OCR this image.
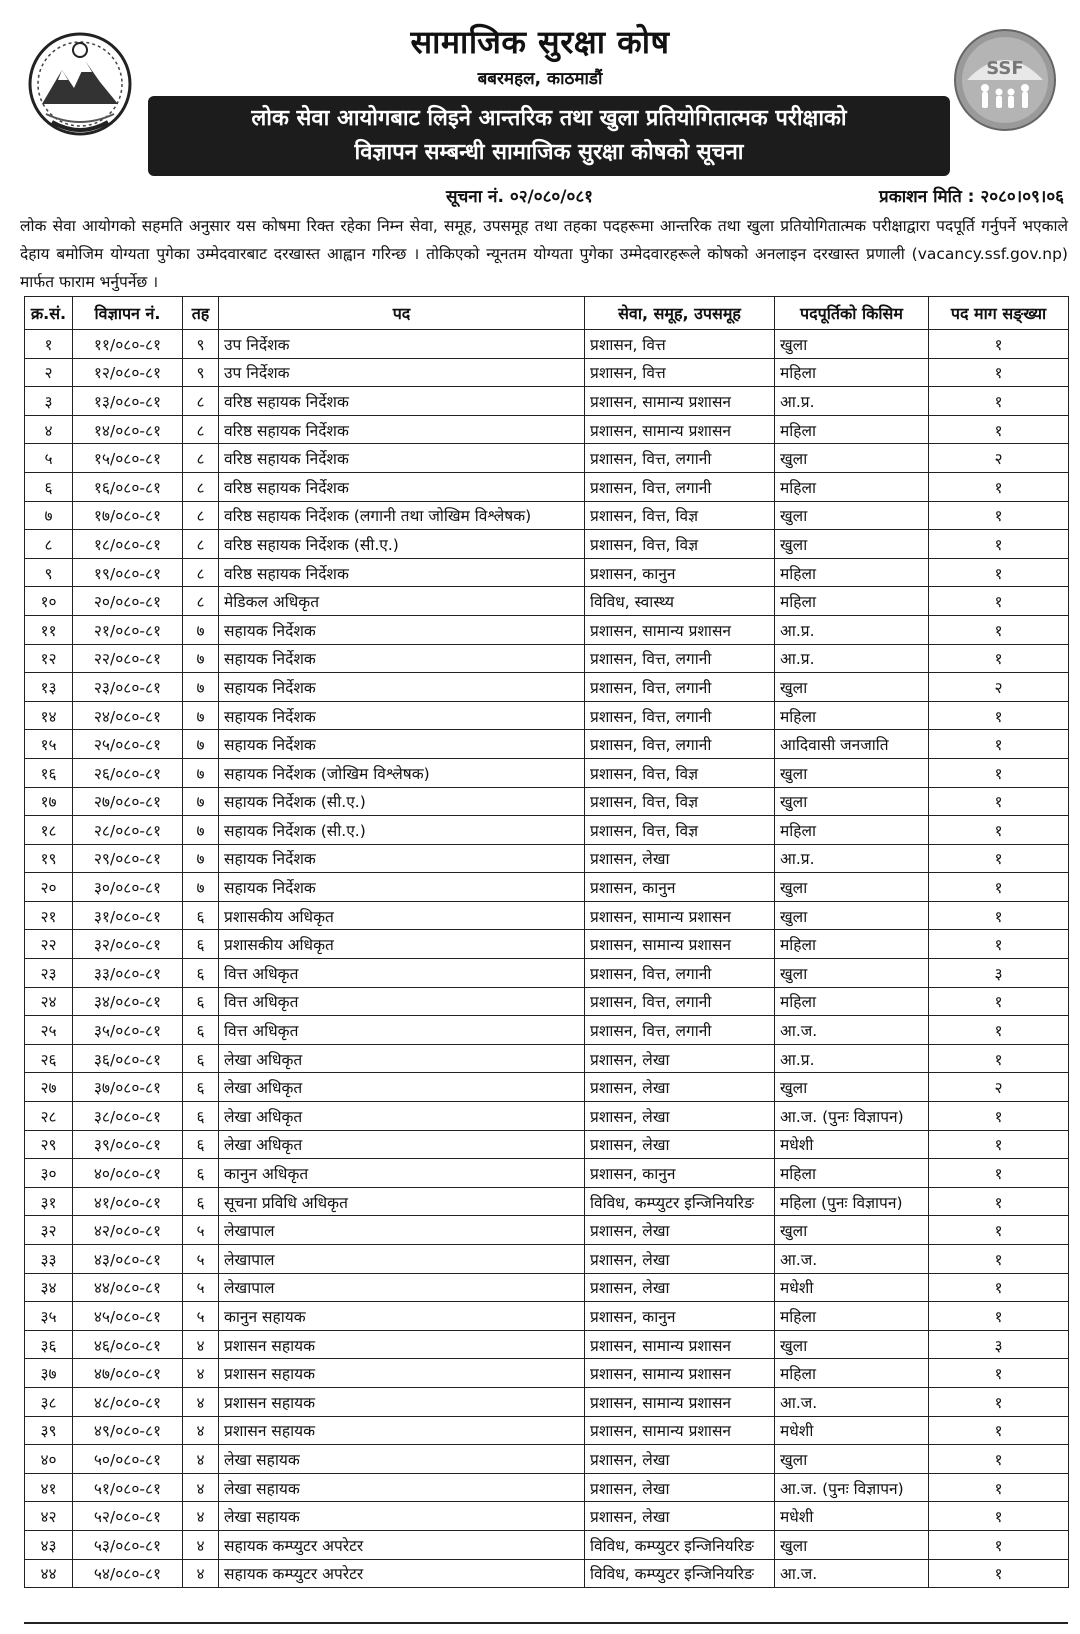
सामाजिक सुरक्षा कोष
बबरमहल, काठमाडौं	SSF
लोक सेवा आयोगबाट लिइने आन्तरिक तथा खुला प्रतियोगितात्मक परीक्षाको
विज्ञापन सम्बन्धी सामाजिक सुरक्षा कोषको सूचना
सूचना नं. ०२/०८०/०८१	प्रकाशन मिति : २०८०।०९।०६
लोक सेवा आयोगको सहमति अनुसार यस कोषमा रिक्त रहेका निम्न सेवा, समूह, उपसमूह तथा तहका पदहरूमा आन्तरिक तथा खुला प्रतियोगितात्मक परीक्षाद्वारा पदपूर्ति गर्नुपर्ने भएकाले देहाय बमोजिम योग्यता पुगेका उम्मेदवारबाट दरखास्त आह्वान गरिन्छ । तोकिएको न्यूनतम योग्यता पुगेका उम्मेदवारहरूले कोषको अनलाइन दरखास्त प्रणाली (vacancy.ssf.gov.np) मार्फत फाराम भर्नुपर्नेछ ।
क्र.सं.	विज्ञापन नं.	तह	पद	सेवा, समूह, उपसमूह	पदपूर्तिको किसिम	पद माग सङ्ख्या
१	११/०८०-८१	९	उप निर्देशक	प्रशासन, वित्त	खुला	१
२	१२/०८०-८१	९	उप निर्देशक	प्रशासन, वित्त	महिला	१
३	१३/०८०-८१	८	वरिष्ठ सहायक निर्देशक	प्रशासन, सामान्य प्रशासन	आ.प्र.	१
४	१४/०८०-८१	८	वरिष्ठ सहायक निर्देशक	प्रशासन, सामान्य प्रशासन	महिला	१
५	१५/०८०-८१	८	वरिष्ठ सहायक निर्देशक	प्रशासन, वित्त, लगानी	खुला	२
६	१६/०८०-८१	८	वरिष्ठ सहायक निर्देशक	प्रशासन, वित्त, लगानी	महिला	१
७	१७/०८०-८१	८	वरिष्ठ सहायक निर्देशक (लगानी तथा जोखिम विश्लेषक)	प्रशासन, वित्त, विज्ञ	खुला	१
८	१८/०८०-८१	८	वरिष्ठ सहायक निर्देशक (सी.ए.)	प्रशासन, वित्त, विज्ञ	खुला	१
९	१९/०८०-८१	८	वरिष्ठ सहायक निर्देशक	प्रशासन, कानुन	महिला	१
१०	२०/०८०-८१	८	मेडिकल अधिकृत	विविध, स्वास्थ्य	महिला	१
११	२१/०८०-८१	७	सहायक निर्देशक	प्रशासन, सामान्य प्रशासन	आ.प्र.	१
१२	२२/०८०-८१	७	सहायक निर्देशक	प्रशासन, वित्त, लगानी	आ.प्र.	१
१३	२३/०८०-८१	७	सहायक निर्देशक	प्रशासन, वित्त, लगानी	खुला	२
१४	२४/०८०-८१	७	सहायक निर्देशक	प्रशासन, वित्त, लगानी	महिला	१
१५	२५/०८०-८१	७	सहायक निर्देशक	प्रशासन, वित्त, लगानी	आदिवासी जनजाति	१
१६	२६/०८०-८१	७	सहायक निर्देशक (जोखिम विश्लेषक)	प्रशासन, वित्त, विज्ञ	खुला	१
१७	२७/०८०-८१	७	सहायक निर्देशक (सी.ए.)	प्रशासन, वित्त, विज्ञ	खुला	१
१८	२८/०८०-८१	७	सहायक निर्देशक (सी.ए.)	प्रशासन, वित्त, विज्ञ	महिला	१
१९	२९/०८०-८१	७	सहायक निर्देशक	प्रशासन, लेखा	आ.प्र.	१
२०	३०/०८०-८१	७	सहायक निर्देशक	प्रशासन, कानुन	खुला	१
२१	३१/०८०-८१	६	प्रशासकीय अधिकृत	प्रशासन, सामान्य प्रशासन	खुला	१
२२	३२/०८०-८१	६	प्रशासकीय अधिकृत	प्रशासन, सामान्य प्रशासन	महिला	१
२३	३३/०८०-८१	६	वित्त अधिकृत	प्रशासन, वित्त, लगानी	खुला	३
२४	३४/०८०-८१	६	वित्त अधिकृत	प्रशासन, वित्त, लगानी	महिला	१
२५	३५/०८०-८१	६	वित्त अधिकृत	प्रशासन, वित्त, लगानी	आ.ज.	१
२६	३६/०८०-८१	६	लेखा अधिकृत	प्रशासन, लेखा	आ.प्र.	१
२७	३७/०८०-८१	६	लेखा अधिकृत	प्रशासन, लेखा	खुला	२
२८	३८/०८०-८१	६	लेखा अधिकृत	प्रशासन, लेखा	आ.ज. (पुनः विज्ञापन)	१
२९	३९/०८०-८१	६	लेखा अधिकृत	प्रशासन, लेखा	मधेशी	१
३०	४०/०८०-८१	६	कानुन अधिकृत	प्रशासन, कानुन	महिला	१
३१	४१/०८०-८१	६	सूचना प्रविधि अधिकृत	विविध, कम्प्युटर इन्जिनियरिङ	महिला (पुनः विज्ञापन)	१
३२	४२/०८०-८१	५	लेखापाल	प्रशासन, लेखा	खुला	१
३३	४३/०८०-८१	५	लेखापाल	प्रशासन, लेखा	आ.ज.	१
३४	४४/०८०-८१	५	लेखापाल	प्रशासन, लेखा	मधेशी	१
३५	४५/०८०-८१	५	कानुन सहायक	प्रशासन, कानुन	महिला	१
३६	४६/०८०-८१	४	प्रशासन सहायक	प्रशासन, सामान्य प्रशासन	खुला	३
३७	४७/०८०-८१	४	प्रशासन सहायक	प्रशासन, सामान्य प्रशासन	महिला	१
३८	४८/०८०-८१	४	प्रशासन सहायक	प्रशासन, सामान्य प्रशासन	आ.ज.	१
३९	४९/०८०-८१	४	प्रशासन सहायक	प्रशासन, सामान्य प्रशासन	मधेशी	१
४०	५०/०८०-८१	४	लेखा सहायक	प्रशासन, लेखा	खुला	१
४१	५१/०८०-८१	४	लेखा सहायक	प्रशासन, लेखा	आ.ज. (पुनः विज्ञापन)	१
४२	५२/०८०-८१	४	लेखा सहायक	प्रशासन, लेखा	मधेशी	१
४३	५३/०८०-८१	४	सहायक कम्प्युटर अपरेटर	विविध, कम्प्युटर इन्जिनियरिङ	खुला	१
४४	५४/०८०-८१	४	सहायक कम्प्युटर अपरेटर	विविध, कम्प्युटर इन्जिनियरिङ	आ.ज.	१
